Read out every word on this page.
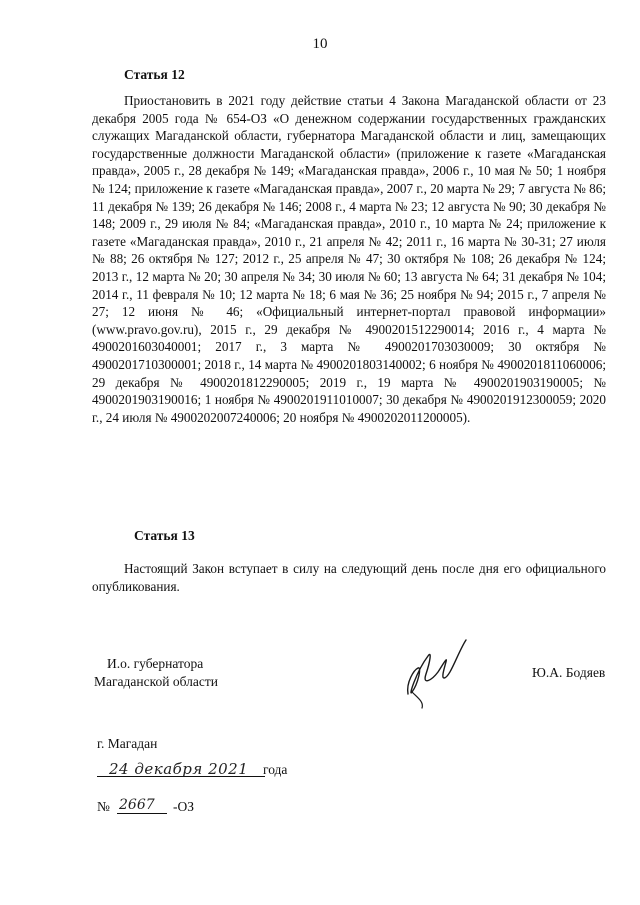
10
Статья 12

Приостановить в 2021 году действие статьи 4 Закона Магаданской области от 23 декабря 2005 года № 654-ОЗ «О денежном содержании государственных гражданских служащих Магаданской области, губернатора Магаданской области и лиц, замещающих государственные должности Магаданской области» (приложение к газете «Магаданская правда», 2005 г., 28 декабря № 149; «Магаданская правда», 2006 г., 10 мая № 50; 1 ноября № 124; приложение к газете «Магаданская правда», 2007 г., 20 марта № 29; 7 августа № 86; 11 декабря № 139; 26 декабря № 146; 2008 г., 4 марта № 23; 12 августа № 90; 30 декабря № 148; 2009 г., 29 июля № 84; «Магаданская правда», 2010 г., 10 марта № 24; приложение к газете «Магаданская правда», 2010 г., 21 апреля № 42; 2011 г., 16 марта № 30-31; 27 июля № 88; 26 октября № 127; 2012 г., 25 апреля № 47; 30 октября № 108; 26 декабря № 124; 2013 г., 12 марта № 20; 30 апреля № 34; 30 июля № 60; 13 августа № 64; 31 декабря № 104; 2014 г., 11 февраля № 10; 12 марта № 18; 6 мая № 36; 25 ноября № 94; 2015 г., 7 апреля № 27; 12 июня № 46; «Официальный интернет-портал правовой информации» (www.pravo.gov.ru), 2015 г., 29 декабря № 4900201512290014; 2016 г., 4 марта № 4900201603040001; 2017 г., 3 марта № 4900201703030009; 30 октября № 4900201710300001; 2018 г., 14 марта № 4900201803140002; 6 ноября № 4900201811060006; 29 декабря № 4900201812290005; 2019 г., 19 марта № 4900201903190005; № 4900201903190016; 1 ноября № 4900201911010007; 30 декабря № 4900201912300059; 2020 г., 24 июля № 4900202007240006; 20 ноября № 4900202011200005).

Статья 13

Настоящий Закон вступает в силу на следующий день после дня его официального опубликования.

И.о. губернатора
Магаданской области
Ю.А. Бодяев
г. Магадан
24 декабря 2021 года
№ 2667 -ОЗ
